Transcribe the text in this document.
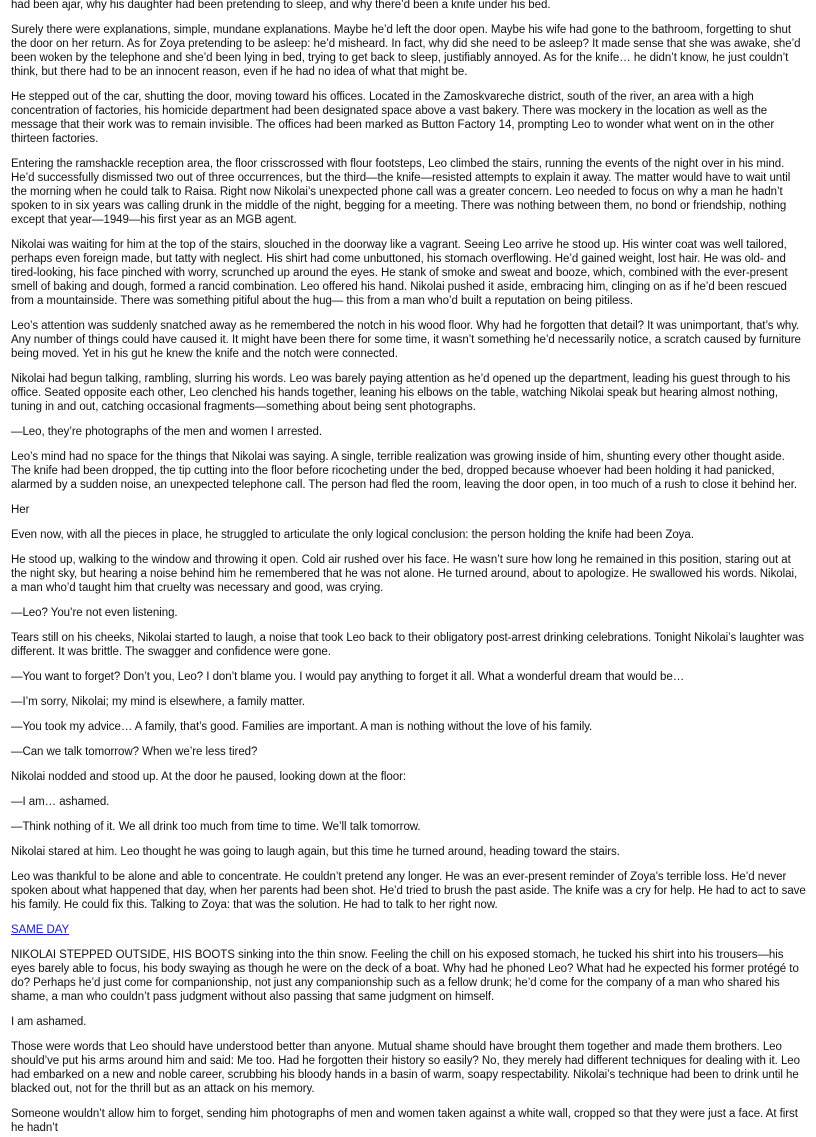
had been ajar, why his daughter had been pretending to sleep, and why there’d been a knife under his bed.

Surely there were explanations, simple, mundane explanations. Maybe he’d left the door open. Maybe his wife had gone to the bathroom, forgetting to shut the door on her return. As for Zoya pretending to be asleep: he’d misheard. In fact, why did she need to be asleep? It made sense that she was awake, she’d been woken by the telephone and she’d been lying in bed, trying to get back to sleep, justifiably annoyed. As for the knife… he didn’t know, he just couldn’t think, but there had to be an innocent reason, even if he had no idea of what that might be.

He stepped out of the car, shutting the door, moving toward his offices. Located in the Zamoskvareche district, south of the river, an area with a high concentration of factories, his homicide department had been designated space above a vast bakery. There was mockery in the location as well as the message that their work was to remain invisible. The offices had been marked as Button Factory 14, prompting Leo to wonder what went on in the other thirteen factories.

Entering the ramshackle reception area, the floor crisscrossed with flour footsteps, Leo climbed the stairs, running the events of the night over in his mind. He’d successfully dismissed two out of three occurrences, but the third—the knife—resisted attempts to explain it away. The matter would have to wait until the morning when he could talk to Raisa. Right now Nikolai’s unexpected phone call was a greater concern. Leo needed to focus on why a man he hadn’t spoken to in six years was calling drunk in the middle of the night, begging for a meeting. There was nothing between them, no bond or friendship, nothing except that year—1949—his first year as an MGB agent.

Nikolai was waiting for him at the top of the stairs, slouched in the doorway like a vagrant. Seeing Leo arrive he stood up. His winter coat was well tailored, perhaps even foreign made, but tatty with neglect. His shirt had come unbuttoned, his stomach overflowing. He’d gained weight, lost hair. He was old- and tired-looking, his face pinched with worry, scrunched up around the eyes. He stank of smoke and sweat and booze, which, combined with the ever-present smell of baking and dough, formed a rancid combination. Leo offered his hand. Nikolai pushed it aside, embracing him, clinging on as if he’d been rescued from a mountainside. There was something pitiful about the hug— this from a man who’d built a reputation on being pitiless.

Leo’s attention was suddenly snatched away as he remembered the notch in his wood floor. Why had he forgotten that detail? It was unimportant, that’s why. Any number of things could have caused it. It might have been there for some time, it wasn’t something he’d necessarily notice, a scratch caused by furniture being moved. Yet in his gut he knew the knife and the notch were connected.

Nikolai had begun talking, rambling, slurring his words. Leo was barely paying attention as he’d opened up the department, leading his guest through to his office. Seated opposite each other, Leo clenched his hands together, leaning his elbows on the table, watching Nikolai speak but hearing almost nothing, tuning in and out, catching occasional fragments—something about being sent photographs.

—Leo, they’re photographs of the men and women I arrested.

Leo’s mind had no space for the things that Nikolai was saying. A single, terrible realization was growing inside of him, shunting every other thought aside. The knife had been dropped, the tip cutting into the floor before ricocheting under the bed, dropped because whoever had been holding it had panicked, alarmed by a sudden noise, an unexpected telephone call. The person had fled the room, leaving the door open, in too much of a rush to close it behind her.

Her

Even now, with all the pieces in place, he struggled to articulate the only logical conclusion: the person holding the knife had been Zoya.

He stood up, walking to the window and throwing it open. Cold air rushed over his face. He wasn’t sure how long he remained in this position, staring out at the night sky, but hearing a noise behind him he remembered that he was not alone. He turned around, about to apologize. He swallowed his words. Nikolai, a man who’d taught him that cruelty was necessary and good, was crying.

—Leo? You’re not even listening.

Tears still on his cheeks, Nikolai started to laugh, a noise that took Leo back to their obligatory post-arrest drinking celebrations. Tonight Nikolai’s laughter was different. It was brittle. The swagger and confidence were gone.

—You want to forget? Don’t you, Leo? I don’t blame you. I would pay anything to forget it all. What a wonderful dream that would be…

—I’m sorry, Nikolai; my mind is elsewhere, a family matter.

—You took my advice… A family, that’s good. Families are important. A man is nothing without the love of his family.

—Can we talk tomorrow? When we’re less tired?

Nikolai nodded and stood up. At the door he paused, looking down at the floor:

—I am… ashamed.

—Think nothing of it. We all drink too much from time to time. We’ll talk tomorrow.

Nikolai stared at him. Leo thought he was going to laugh again, but this time he turned around, heading toward the stairs.

Leo was thankful to be alone and able to concentrate. He couldn’t pretend any longer. He was an ever-present reminder of Zoya’s terrible loss. He’d never spoken about what happened that day, when her parents had been shot. He’d tried to brush the past aside. The knife was a cry for help. He had to act to save his family. He could fix this. Talking to Zoya: that was the solution. He had to talk to her right now.

SAME DAY

NIKOLAI STEPPED OUTSIDE, HIS BOOTS sinking into the thin snow. Feeling the chill on his exposed stomach, he tucked his shirt into his trousers—his eyes barely able to focus, his body swaying as though he were on the deck of a boat. Why had he phoned Leo? What had he expected his former protégé to do? Perhaps he’d just come for companionship, not just any companionship such as a fellow drunk; he’d come for the company of a man who shared his shame, a man who couldn’t pass judgment without also passing that same judgment on himself.

I am ashamed.

Those were words that Leo should have understood better than anyone. Mutual shame should have brought them together and made them brothers. Leo should’ve put his arms around him and said: Me too. Had he forgotten their history so easily? No, they merely had different techniques for dealing with it. Leo had embarked on a new and noble career, scrubbing his bloody hands in a basin of warm, soapy respectability. Nikolai’s technique had been to drink until he blacked out, not for the thrill but as an attack on his memory.

Someone wouldn’t allow him to forget, sending him photographs of men and women taken against a white wall, cropped so that they were just a face. At first he hadn’t
